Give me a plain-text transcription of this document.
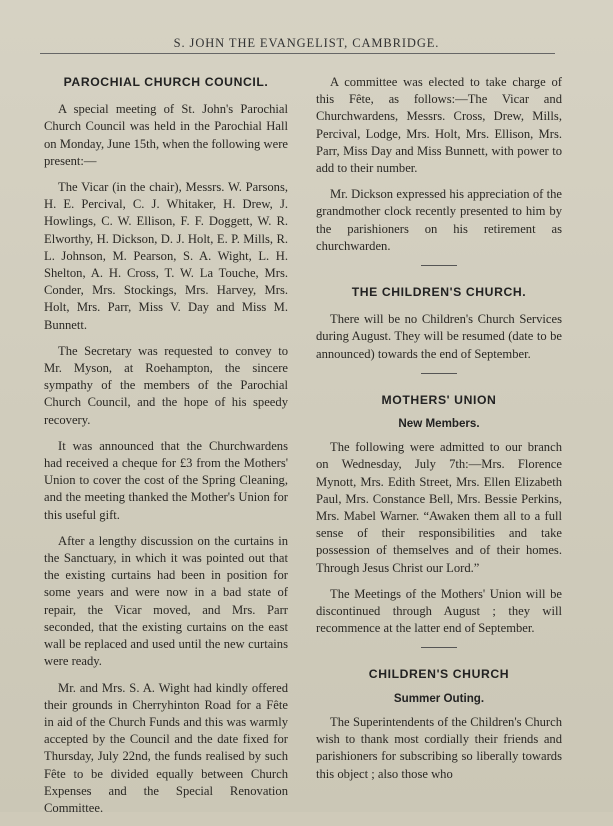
S. JOHN THE EVANGELIST, CAMBRIDGE.
PAROCHIAL CHURCH COUNCIL.

A special meeting of St. John's Parochial Church Council was held in the Parochial Hall on Monday, June 15th, when the following were present:—

The Vicar (in the chair), Messrs. W. Parsons, H. E. Percival, C. J. Whitaker, H. Drew, J. Howlings, C. W. Ellison, F. F. Doggett, W. R. Elworthy, H. Dickson, D. J. Holt, E. P. Mills, R. L. Johnson, M. Pearson, S. A. Wight, L. H. Shelton, A. H. Cross, T. W. La Touche, Mrs. Conder, Mrs. Stockings, Mrs. Harvey, Mrs. Holt, Mrs. Parr, Miss V. Day and Miss M. Bunnett.

The Secretary was requested to convey to Mr. Myson, at Roehampton, the sincere sympathy of the members of the Parochial Church Council, and the hope of his speedy recovery.

It was announced that the Churchwardens had received a cheque for £3 from the Mothers' Union to cover the cost of the Spring Cleaning, and the meeting thanked the Mother's Union for this useful gift.

After a lengthy discussion on the curtains in the Sanctuary, in which it was pointed out that the existing curtains had been in position for some years and were now in a bad state of repair, the Vicar moved, and Mrs. Parr seconded, that the existing curtains on the east wall be replaced and used until the new curtains were ready.

Mr. and Mrs. S. A. Wight had kindly offered their grounds in Cherryhinton Road for a Fête in aid of the Church Funds and this was warmly accepted by the Council and the date fixed for Thursday, July 22nd, the funds realised by such Fête to be divided equally between Church Expenses and the Special Renovation Committee.

A committee was elected to take charge of this Fête, as follows:—The Vicar and Churchwardens, Messrs. Cross, Drew, Mills, Percival, Lodge, Mrs. Holt, Mrs. Ellison, Mrs. Parr, Miss Day and Miss Bunnett, with power to add to their number.

Mr. Dickson expressed his appreciation of the grandmother clock recently presented to him by the parishioners on his retirement as churchwarden.

THE CHILDREN'S CHURCH.

There will be no Children's Church Services during August. They will be resumed (date to be announced) towards the end of September.

MOTHERS' UNION
New Members.

The following were admitted to our branch on Wednesday, July 7th:—Mrs. Florence Mynott, Mrs. Edith Street, Mrs. Ellen Elizabeth Paul, Mrs. Constance Bell, Mrs. Bessie Perkins, Mrs. Mabel Warner. “Awaken them all to a full sense of their responsibilities and take possession of themselves and of their homes. Through Jesus Christ our Lord.”

The Meetings of the Mothers' Union will be discontinued through August ; they will recommence at the latter end of September.

CHILDREN'S CHURCH
Summer Outing.

The Superintendents of the Children's Church wish to thank most cordially their friends and parishioners for subscribing so liberally towards this object ; also those who
